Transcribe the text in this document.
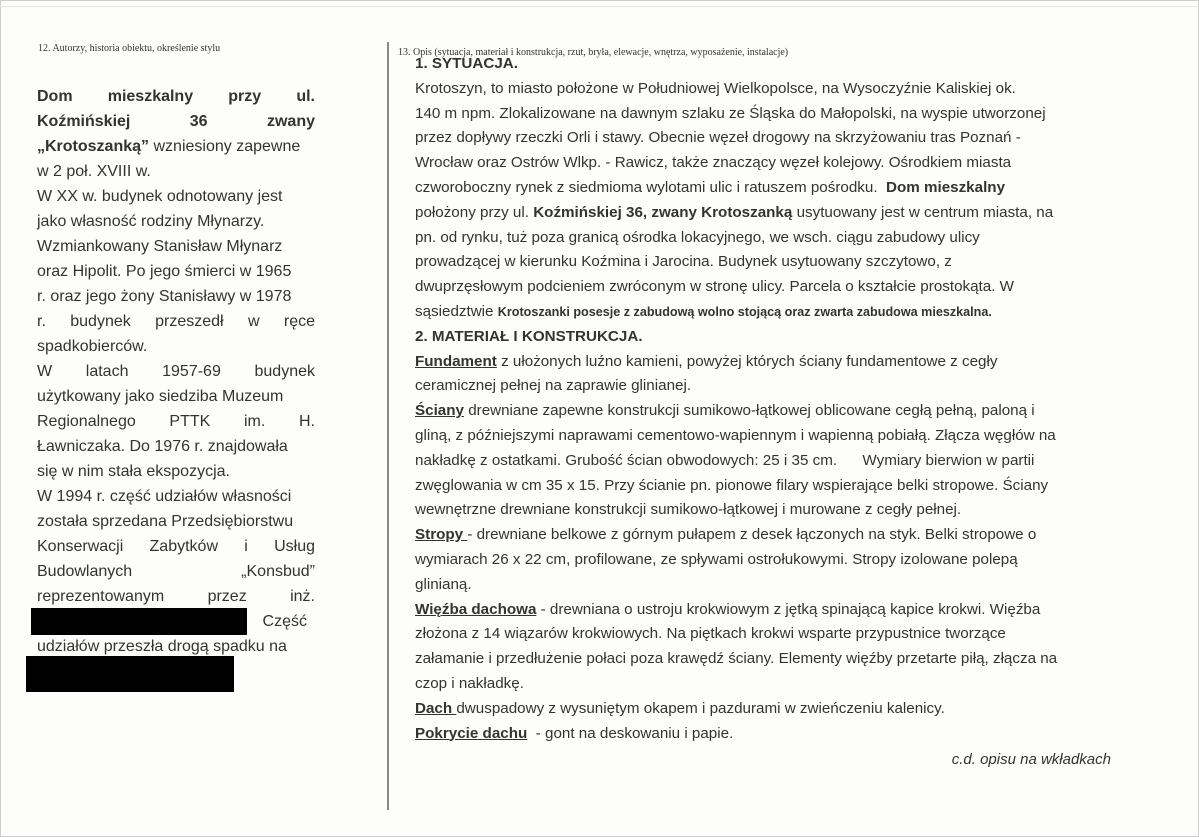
12. Autorzy, historia obiektu, określenie stylu	13. Opis (sytuacja, materiał i konstrukcja, rzut, bryła, elewacje, wnętrza, wyposażenie, instalacje)
Dom mieszkalny przy ul.
Koźmińskiej	36	zwany
„Krotoszanką” wzniesiony zapewne
w 2 poł. XVIII w.
W XX w. budynek odnotowany jest
jako własność rodziny Młynarzy.
Wzmiankowany Stanisław Młynarz
oraz Hipolit. Po jego śmierci w 1965
r. oraz jego żony Stanisławy w 1978
r. budynek przeszedł w ręce
spadkobierców.
W latach 1957-69 budynek
użytkowany jako siedziba Muzeum
Regionalnego PTTK im. H.
Ławniczaka. Do 1976 r. znajdowała
się w nim stała ekspozycja.
W 1994 r. część udziałów własności
została sprzedana Przedsiębiorstwu
Konserwacji Zabytków i Usług
Budowlanych	„Konsbud”
reprezentowanym	przez	inż.
Część
udziałów przeszła drogą spadku na
1. SYTUACJA.
Krotoszyn, to miasto położone w Południowej Wielkopolsce, na Wysoczyźnie Kaliskiej ok.
140 m npm. Zlokalizowane na dawnym szlaku ze Śląska do Małopolski, na wyspie utworzonej
przez dopływy rzeczki Orli i stawy. Obecnie węzeł drogowy na skrzyżowaniu tras Poznań -
Wrocław oraz Ostrów Wlkp. - Rawicz, także znaczący węzeł kolejowy. Ośrodkiem miasta
czworoboczny rynek z siedmioma wylotami ulic i ratuszem pośrodku. Dom mieszkalny
położony przy ul. Koźmińskiej 36, zwany Krotoszanką usytuowany jest w centrum miasta, na
pn. od rynku, tuż poza granicą ośrodka lokacyjnego, we wsch. ciągu zabudowy ulicy
prowadzącej w kierunku Koźmina i Jarocina. Budynek usytuowany szczytowo, z
dwuprzęsłowym podcieniem zwróconym w stronę ulicy. Parcela o kształcie prostokąta. W
sąsiedztwie Krotoszanki posesje z zabudową wolno stojącą oraz zwarta zabudowa mieszkalna.
2. MATERIAŁ I KONSTRUKCJA.
Fundament z ułożonych luźno kamieni, powyżej których ściany fundamentowe z cegły
ceramicznej pełnej na zaprawie glinianej.
Ściany drewniane zapewne konstrukcji sumikowo-łątkowej oblicowane cegłą pełną, paloną i
gliną, z późniejszymi naprawami cementowo-wapiennym i wapienną pobiałą. Złącza węgłów na
nakładkę z ostatkami. Grubość ścian obwodowych: 25 i 35 cm.      Wymiary bierwion w partii
zwęglowania w cm 35 x 15. Przy ścianie pn. pionowe filary wspierające belki stropowe. Ściany
wewnętrzne drewniane konstrukcji sumikowo-łątkowej i murowane z cegły pełnej.
Stropy - drewniane belkowe z górnym pułapem z desek łączonych na styk. Belki stropowe o
wymiarach 26 x 22 cm, profilowane, ze spływami ostrołukowymi. Stropy izolowane polepą
glinianą.
Więźba dachowa - drewniana o ustroju krokwiowym z jętką spinającą kapice krokwi. Więźba
złożona z 14 wiązarów krokwiowych. Na piętkach krokwi wsparte przypustnice tworzące
załamanie i przedłużenie połaci poza krawędź ściany. Elementy więźby przetarte piłą, złącza na
czop i nakładkę.
Dach dwuspadowy z wysuniętym okapem i pazdurami w zwieńczeniu kalenicy.
Pokrycie dachu  - gont na deskowaniu i papie.
c.d. opisu na wkładkach
